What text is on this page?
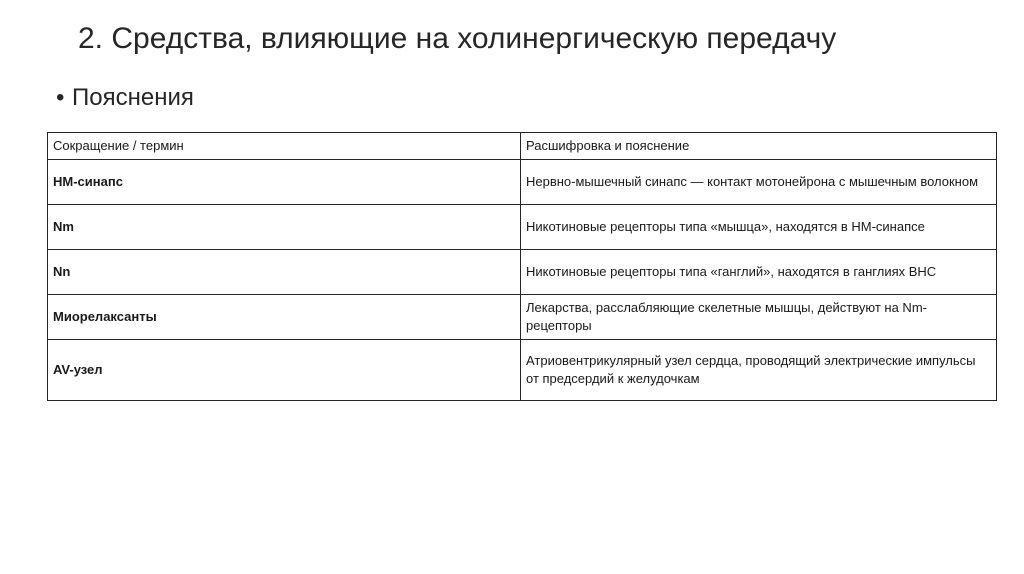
2. Средства, влияющие на холинергическую передачу
• Пояснения
Сокращение / термин	Расшифровка и пояснение
НМ-синапс	Нервно-мышечный синапс — контакт мотонейрона с мышечным волокном
Nm	Никотиновые рецепторы типа «мышца», находятся в НМ-синапсе
Nn	Никотиновые рецепторы типа «ганглий», находятся в ганглиях ВНС
Миорелаксанты	Лекарства, расслабляющие скелетные мышцы, действуют на Nm-рецепторы
AV-узел	Атриовентрикулярный узел сердца, проводящий электрические импульсы от предсердий к желудочкам
